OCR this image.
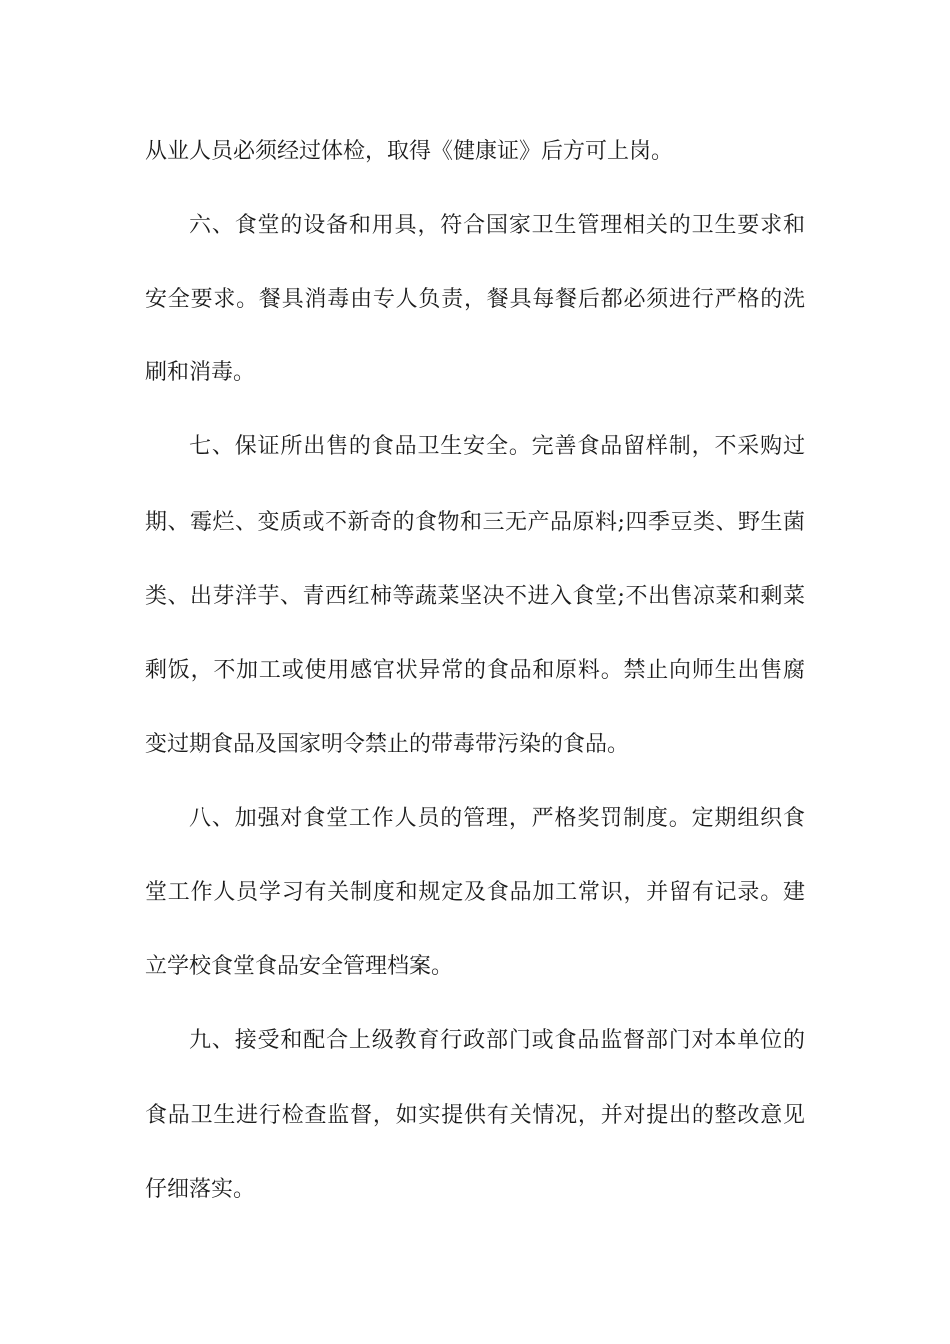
从业人员必须经过体检，取得《健康证》后方可上岗。
六、食堂的设备和用具，符合国家卫生管理相关的卫生要求和
安全要求。餐具消毒由专人负责，餐具每餐后都必须进行严格的洗
刷和消毒。
七、保证所出售的食品卫生安全。完善食品留样制，不采购过
期、霉烂、变质或不新奇的食物和三无产品原料;四季豆类、野生菌
类、出芽洋芋、青西红柿等蔬菜坚决不进入食堂;不出售凉菜和剩菜
剩饭，不加工或使用感官状异常的食品和原料。禁止向师生出售腐
变过期食品及国家明令禁止的带毒带污染的食品。
八、加强对食堂工作人员的管理，严格奖罚制度。定期组织食
堂工作人员学习有关制度和规定及食品加工常识，并留有记录。建
立学校食堂食品安全管理档案。
九、接受和配合上级教育行政部门或食品监督部门对本单位的
食品卫生进行检查监督，如实提供有关情况，并对提出的整改意见
仔细落实。
